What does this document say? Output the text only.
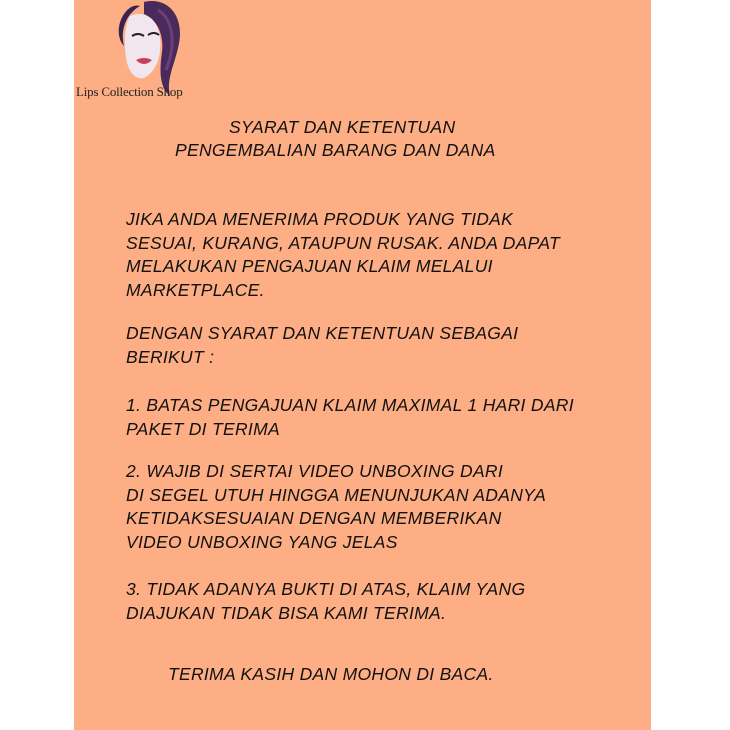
Lips Collection Shop
SYARAT DAN KETENTUAN
PENGEMBALIAN BARANG DAN DANA
JIKA ANDA MENERIMA PRODUK YANG TIDAK
SESUAI, KURANG, ATAUPUN RUSAK. ANDA DAPAT
MELAKUKAN PENGAJUAN KLAIM MELALUI
MARKETPLACE.
DENGAN SYARAT DAN KETENTUAN SEBAGAI
BERIKUT :
1. BATAS PENGAJUAN KLAIM MAXIMAL 1 HARI DARI
PAKET DI TERIMA
2. WAJIB DI SERTAI VIDEO UNBOXING DARI
DI SEGEL UTUH HINGGA MENUNJUKAN ADANYA
KETIDAKSESUAIAN DENGAN MEMBERIKAN
VIDEO UNBOXING YANG JELAS
3. TIDAK ADANYA BUKTI DI ATAS, KLAIM YANG
DIAJUKAN TIDAK BISA KAMI TERIMA.
TERIMA KASIH DAN MOHON DI BACA.
